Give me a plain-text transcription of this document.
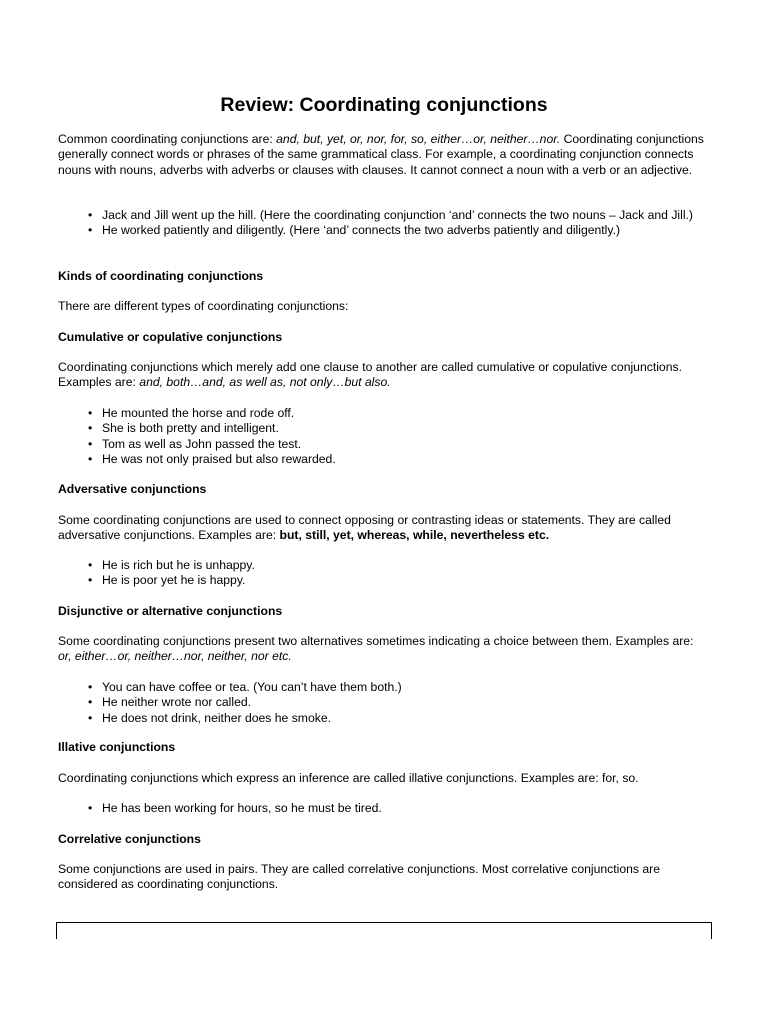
Review: Coordinating conjunctions

Common coordinating conjunctions are: and, but, yet, or, nor, for, so, either…or, neither…nor. Coordinating conjunctions generally connect words or phrases of the same grammatical class. For example, a coordinating conjunction connects nouns with nouns, adverbs with adverbs or clauses with clauses. It cannot connect a noun with a verb or an adjective.

• Jack and Jill went up the hill. (Here the coordinating conjunction ‘and’ connects the two nouns – Jack and Jill.)
• He worked patiently and diligently. (Here ‘and’ connects the two adverbs patiently and diligently.)

Kinds of coordinating conjunctions

There are different types of coordinating conjunctions:

Cumulative or copulative conjunctions

Coordinating conjunctions which merely add one clause to another are called cumulative or copulative conjunctions. Examples are: and, both…and, as well as, not only…but also.

• He mounted the horse and rode off.
• She is both pretty and intelligent.
• Tom as well as John passed the test.
• He was not only praised but also rewarded.

Adversative conjunctions

Some coordinating conjunctions are used to connect opposing or contrasting ideas or statements. They are called adversative conjunctions. Examples are: but, still, yet, whereas, while, nevertheless etc.

• He is rich but he is unhappy.
• He is poor yet he is happy.

Disjunctive or alternative conjunctions

Some coordinating conjunctions present two alternatives sometimes indicating a choice between them. Examples are: or, either…or, neither…nor, neither, nor etc.

• You can have coffee or tea. (You can’t have them both.)
• He neither wrote nor called.
• He does not drink, neither does he smoke.

Illative conjunctions

Coordinating conjunctions which express an inference are called illative conjunctions. Examples are: for, so.

• He has been working for hours, so he must be tired.

Correlative conjunctions

Some conjunctions are used in pairs. They are called correlative conjunctions. Most correlative conjunctions are considered as coordinating conjunctions.
